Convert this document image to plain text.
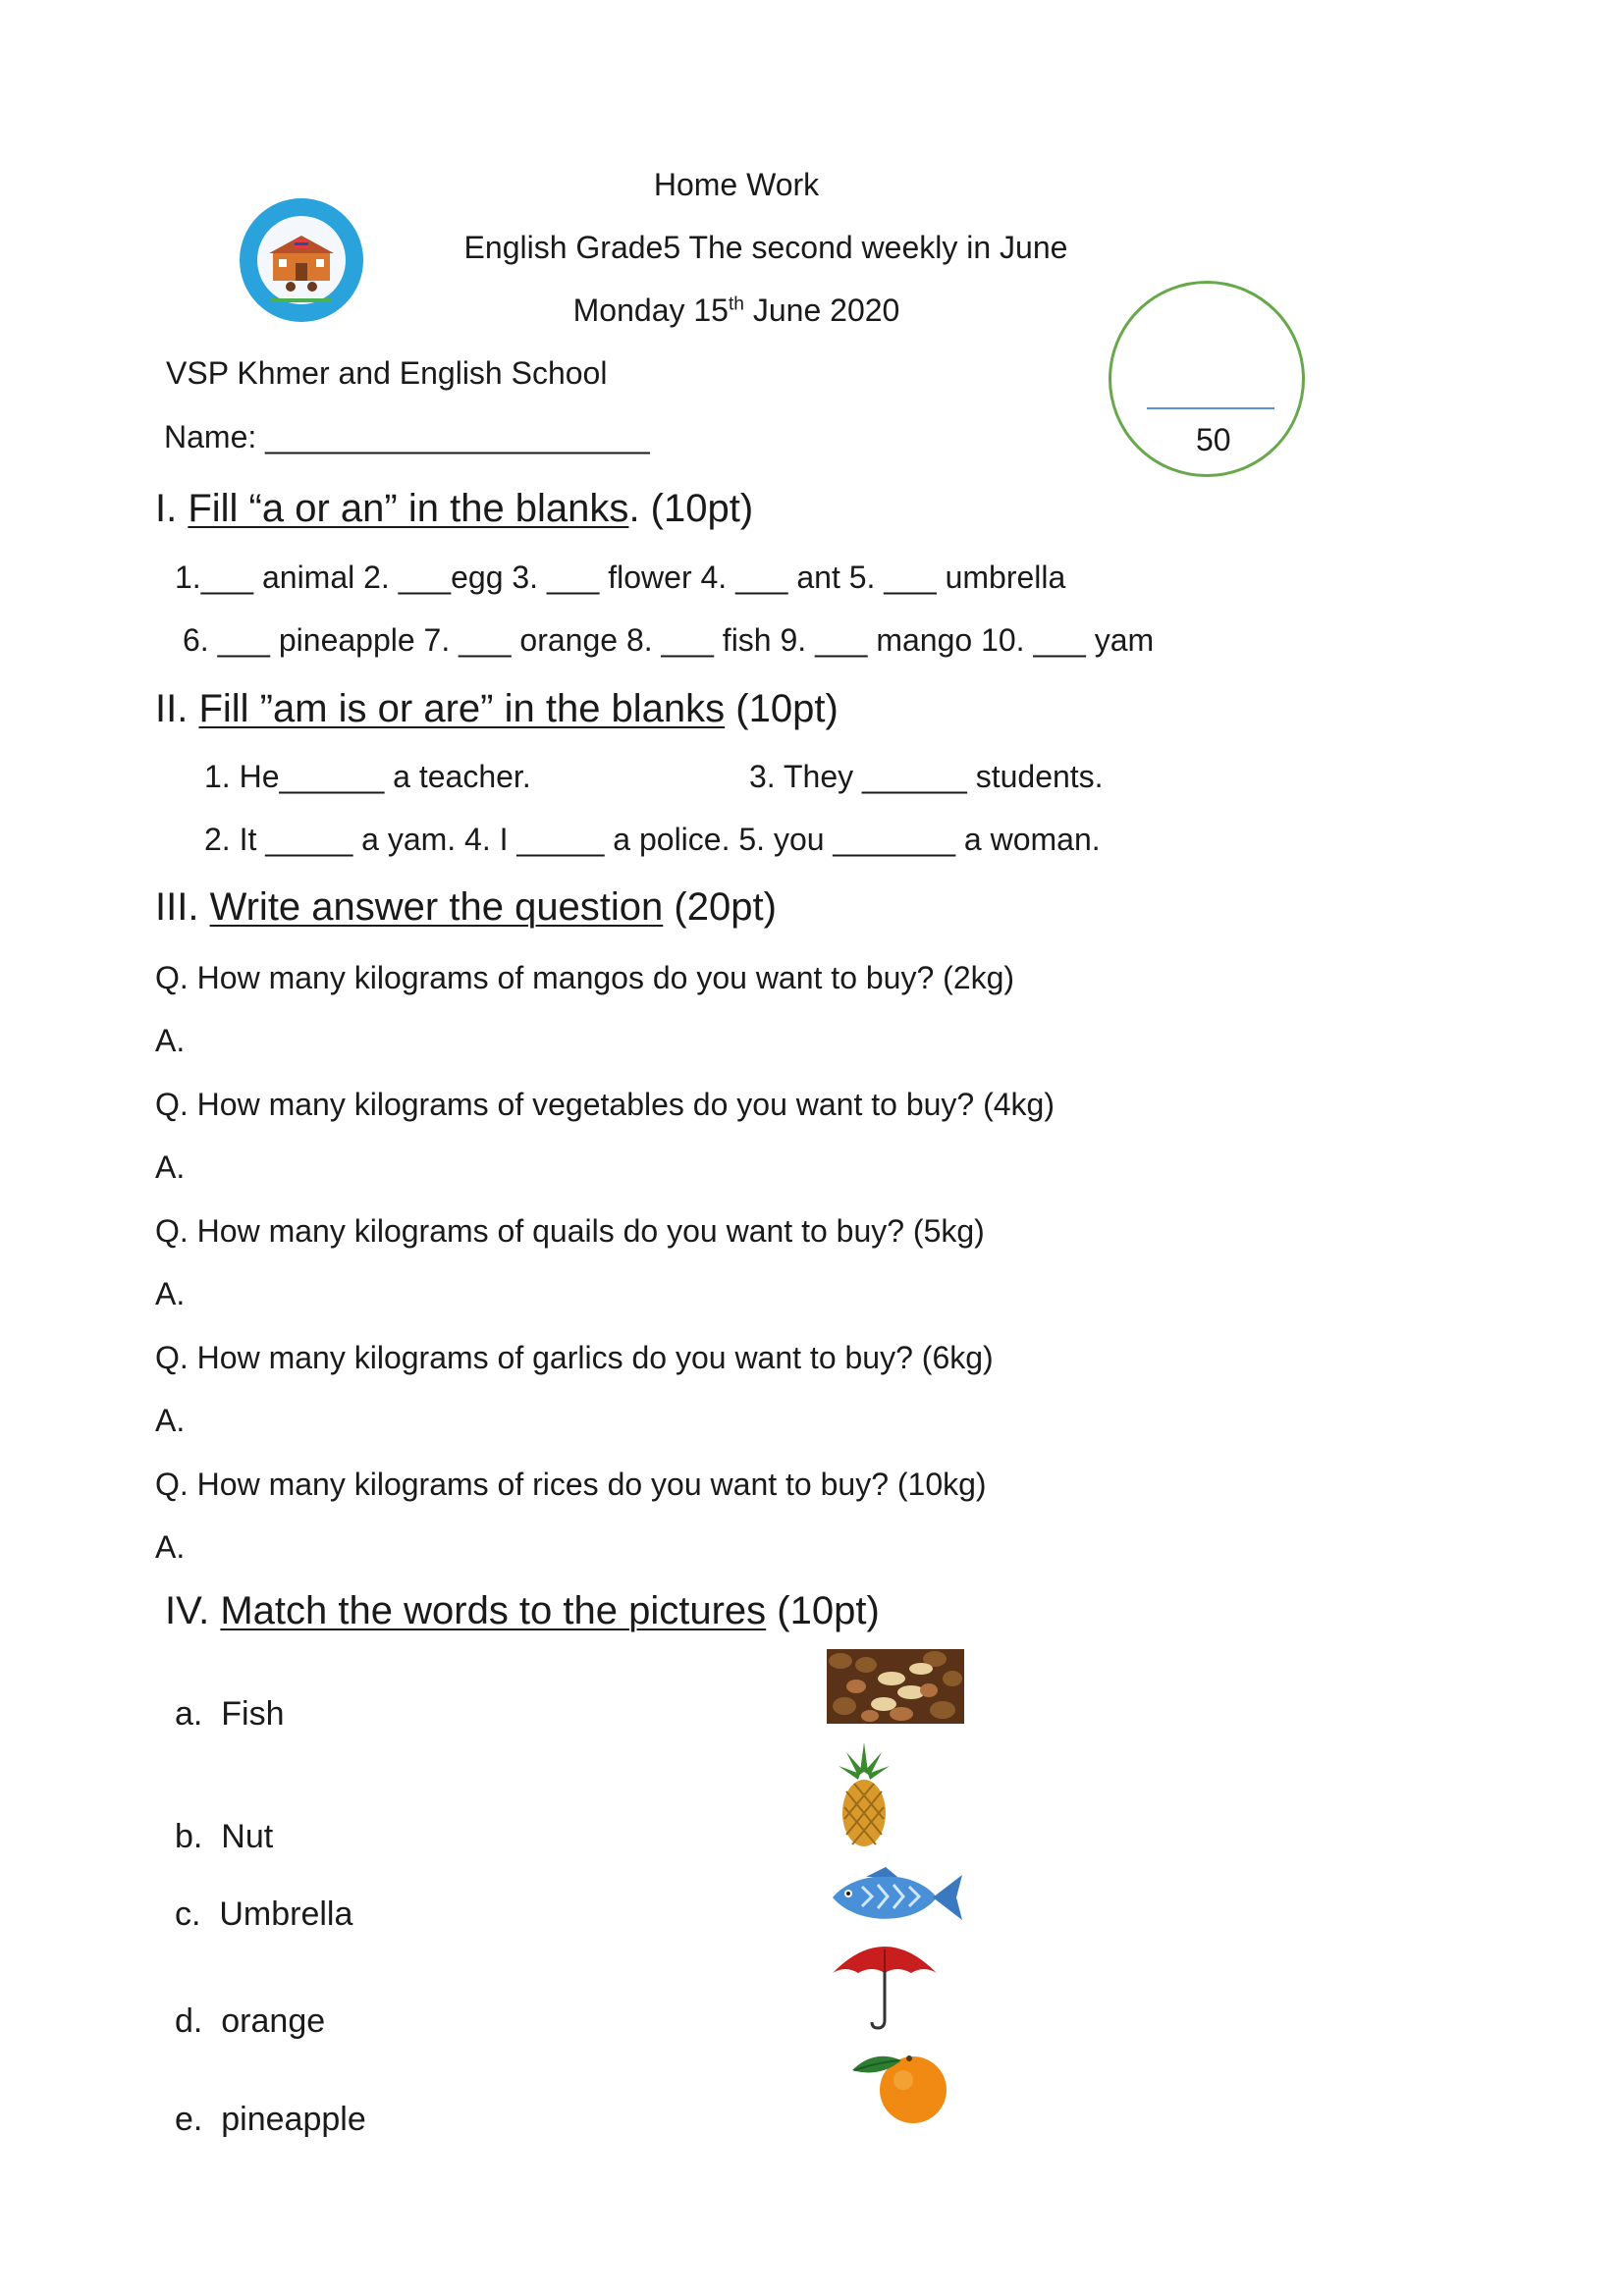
Home Work
English Grade5 The second weekly in June
Monday 15th June 2020
VSP Khmer and English School
Name: ______________________	50
I. Fill “a or an” in the blanks. (10pt)
1.___ animal 2. ___egg 3. ___ flower 4. ___ ant 5. ___ umbrella
6. ___ pineapple 7. ___ orange 8. ___ fish 9. ___ mango 10. ___ yam
II. Fill ”am is or are” in the blanks (10pt)
1. He______ a teacher.	3. They ______ students.
2. It _____ a yam. 4. I _____ a police. 5. you _______ a woman.
III. Write answer the question (20pt)
Q. How many kilograms of mangos do you want to buy? (2kg)
A.
Q. How many kilograms of vegetables do you want to buy? (4kg)
A.
Q. How many kilograms of quails do you want to buy? (5kg)
A.
Q. How many kilograms of garlics do you want to buy? (6kg)
A.
Q. How many kilograms of rices do you want to buy? (10kg)
A.
IV. Match the words to the pictures (10pt)
a. Fish
b. Nut
c. Umbrella
d. orange
e. pineapple
